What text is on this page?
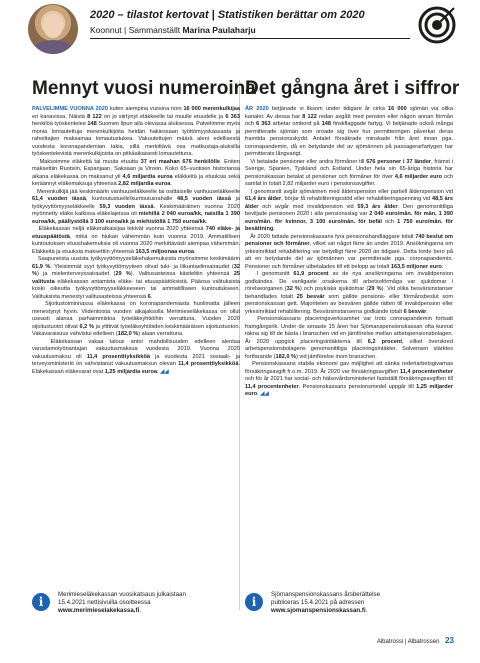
2020 – tilastot kertovat | Statistiken berättar om 2020
Koonnut | Sammanställt Marina Paulaharju
Mennyt vuosi numeroina

PALVELIMME VUONNA 2020 kuten aiempina vuosina noin 16 000 merenkulkijaa eri kanavissa. Näistä 8 122 on jo siirtynyt eläkkeelle tai muulle etuudelle ja 6 363 henkilöä työskentelee 148 Suomen lipun alla olevassa aluksessa. Palvelimme myös monia lomautettuja merenkulkijoita heidän hakiessaan työttömyyskassasta ja rahoittajien maksamaa lomautustukea. Vakuutettujen määrä aleni edellisestä vuodesta koronapandemian takia, sillä merkittävä osa matkustaja-aluksilla työskentelevistä merenkulkijoista on pitkäaikaisesti lomautettuna.

Maksoimme eläkettä tai muuta etuutta 37 eri maahan 676 henkilölle. Eniten maksettiin Ruotsiin, Espanjaan, Saksaan ja Viroon. Koko 65–vuotisen historiansa aikana eläkekassa on maksanut yli 4,6 miljardia euroa eläkkeitä ja etuuksia sekä keräännyt eläkemaksuja yhteensä 2,82 miljardia euroa.

Merenkulkijä jää keskimäärin vanhuuseläkkeelle tai osittaiselle vanhuuseläkkeelle 61,4 vuoden iässä, kuntoutustuelle/kuntoutusrahalle 48,5 vuoden iässä ja työkyvyttömyyseläkkeelle 59,3 vuoden iässä. Keskimääräinen vuonna 2020 myönnetty eläke kaikissa eläkelajeissa oli miehillä 2 040 euroa/kk, naisilla 1 390 euroa/kk, päällystöllä 3 100 euroa/kk ja miehistöllä 1 750 euroa/kk.

Eläkekassan neljä eläkeratkaisijaa tekivät vuonna 2020 yhteensä 740 eläke- ja etuuspäätöstä, mikä on hiukan vähemmän kuin vuonna 2019. Ammatillisen kuntoutuksen etuushakemuksia oli vuonna 2020 merkittävästi aiempaa vähemmän. Eläkkeitä ja etuuksia maksettiin yhteensä 163,5 miljoonaa euroa.

Saapuneista uusista työkyvyttömyyseläkehakemuksista myönsimme keskimäärin 61,9 %. Yleisimmät syyt työkyvyttömyyteen olivat tuki- ja liikuntaelinsairaudet (32 %) ja mielenterveyssairaudet (29 %). Valitusasteissa käsiteltiin yhteensä 25 valitusta eläkekassan antamista eläke- tai etuuspäätöksistä. Pääosa valituksista koski oikeutta työkyvyttömyyseläkkeeseen tai ammatilliseen kuntoutukseen. Valituksista menestyi valitusasteissa yhteensä 6.

Sijoitustoiminnassa eläkekassa on koronapandemiasta huolimatta jälleen menestynyt hyvin. Viidentoista vuoden aikajaksolla Merimieseläkekassa on ollut useasti alansa parhaimmistoa työeläkeyhtiöihin verrattuna. Vuoden 2020 sijoitustuotot olivat 6,2 % ja ylittivät työeläkeyhtiöiden keskimääräisen sijoitustuoton. Vakavaraisuus vahvistui edelleen (182,0 %) alaan verrattuna.

Eläkekassan vakaa talous antoi mahdollisuuden edelleen alentaa varustamotyönantajan vakuutusmaksua vuodesta 2019. Vuonna 2020 vakuutusmaksu oli 11,4 prosenttiyksikköä ja vuodesta 2021 sosiaali- ja terveysministeriö on vahvistanut vakuutusmaksun olevan 11,4 prosenttiyksikköä. Eläkekassan eläkevarat ovat 1,25 miljardia euroa. ◢◢

Det gångna året i siffror

ÅR 2020 betjänade vi liksom under tidigare år cirka 16 000 sjömän via olika kanaler. Av dessa har 8 122 redan avgått med pension eller någon annan förmån och 6 363 arbetar ombord på 148 finskflaggade fartyg. Vi betjänade också många permitterade sjömän som oroade sig över hur permitteringen påverkar deras framtida pensionsskydd. Antalet försäkrade minskade från året innan pga. coronapandemin, då en betydande del av sjömännen på passagerarfartygen har permitterats långvarigt.

Vi betalade pensioner eller andra förmåner till 676 personer i 37 länder, främst i Sverige, Spanien, Tyskland och Estland. Under hela sin 65-åriga historia har pensionskassan betalat ut pensioner och förmåner för över 4,6 miljarder euro och samlat in totalt 2,82 miljarder euro i pensionsavgifter.

I genomsnitt avgår sjömännen med ålderspension eller partiell ålderspension vid 61,4 års ålder, börjar få rehabiliteringsstöd eller rehabiliteringspenning vid 48,5 års ålder och avgår med invalidpension vid 59,3 års ålder. Den genomsnittliga beviljade pensionen 2020 i alla pensionsslag var 2 040 euro/mån. för män, 1 390 euro/mån. för kvinnor, 3 100 euro/mån. för befäl och 1 750 euro/mån. för besättning.

År 2020 fattade pensionskassans fyra pensionshandläggare totalt 740 beslut om pensioner och förmåner, vilket var något färre än under 2019. Ansökningarna om yrkesinriktad rehabilitering var betydligt färre 2020 än tidigare. Detta torde bero på att en betydande del av sjömännen var permitterade pga. coronapandemin. Pensioner och förmåner utbetalades till ett belopp av totalt 163,5 miljoner euro.

I genomsnitt 61,9 procent av de nya ansökningarna om invalidpension godkändes. De vanligaste orsakerna till arbetsoförmåga var sjukdomar i rörelseorganen (32 %) och psykiska sjukdomar (29 %). Vid olika besvärsinstanser behandlades totalt 25 besvär som gällde pensions- eller förmånsbeslut som pensionskassan gett. Majoriteten av besvären gällde rätten till invalidpension eller yrkesinriktad rehabilitering. Besvärsinstanserna godkände totalt 6 besvär.

Pensionskassans placeringsverksamhet var trots coronapandemin fortsatt framgångsrik. Under de senaste 15 åren har Sjömanspensionskassan ofta kunnat räkna sig till de bästa i branschen vid en jämförelse mellan arbetspensionsbolagen. År 2020 uppgick placeringsintäkterna till 6,2 procent, vilket överskred arbetspensionsbolagens genomsnittliga placeringsintäkter. Solvensen stärktes fortfarande (182,0 %) vid jämförelse inom branschen.

Pensionskassans stabila ekonomi gav möjlighet att sänka rederiarbetsgivarnas försäkringsavgift fr.o.m. 2019. År 2020 var försäkringsavgiften 11,4 procentenheter och för år 2021 har social- och hälsovårdsministeriet fastställt försäkringsavgiften till 11,4 procentenheter. Pensionskassans pensionsmedel uppgår till 1,25 miljarder euro. ◢◢

i
Merimieseläkekassan vuosikatsaus julkaistaan
15.4.2021 nettisivuilla osoitteessa
www.merimieselakekassa.fi.
i
Sjömanspensionskassans årsberättelse
publiceras 15.4.2021 på adressen
www.sjomanspensionskassan.fi.
Albatrossi | Albatrossen 23
